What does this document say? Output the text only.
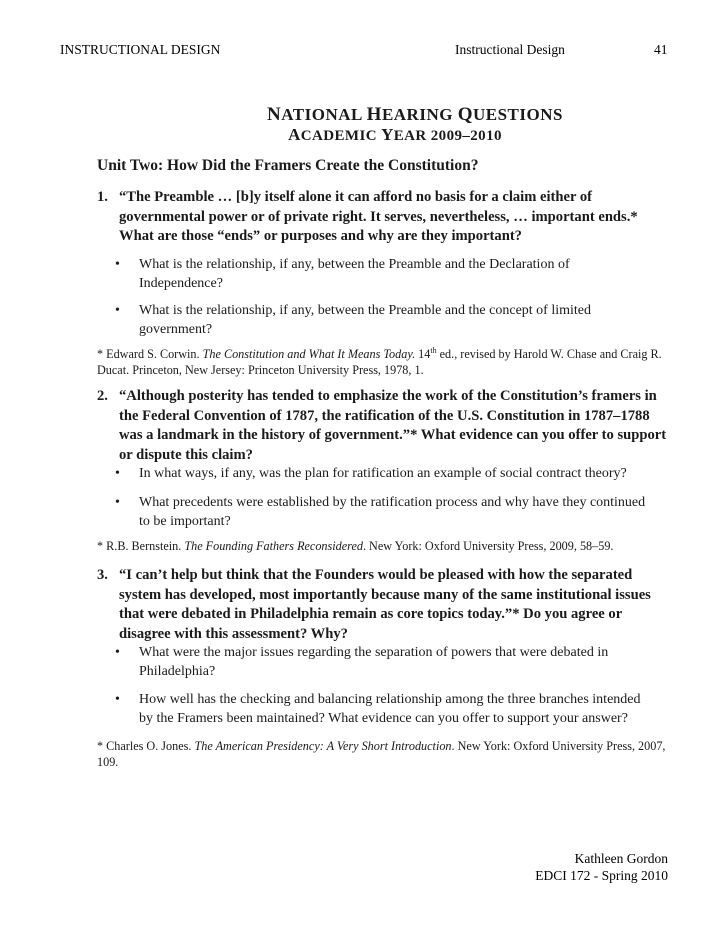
INSTRUCTIONAL DESIGN	Instructional Design	41
NATIONAL HEARING QUESTIONS
ACADEMIC YEAR 2009–2010
Unit Two: How Did the Framers Create the Constitution?
1. “The Preamble … [b]y itself alone it can afford no basis for a claim either of
governmental power or of private right. It serves, nevertheless, … important ends.*
What are those “ends” or purposes and why are they important?
• What is the relationship, if any, between the Preamble and the Declaration of
Independence?
• What is the relationship, if any, between the Preamble and the concept of limited
government?
* Edward S. Corwin. The Constitution and What It Means Today. 14th ed., revised by Harold W. Chase and Craig R.
Ducat. Princeton, New Jersey: Princeton University Press, 1978, 1.
2. “Although posterity has tended to emphasize the work of the Constitution’s framers in
the Federal Convention of 1787, the ratification of the U.S. Constitution in 1787–1788
was a landmark in the history of government.”* What evidence can you offer to support
or dispute this claim?
• In what ways, if any, was the plan for ratification an example of social contract theory?
• What precedents were established by the ratification process and why have they continued
to be important?
* R.B. Bernstein. The Founding Fathers Reconsidered. New York: Oxford University Press, 2009, 58–59.
3. “I can’t help but think that the Founders would be pleased with how the separated
system has developed, most importantly because many of the same institutional issues
that were debated in Philadelphia remain as core topics today.”* Do you agree or
disagree with this assessment? Why?
• What were the major issues regarding the separation of powers that were debated in
Philadelphia?
• How well has the checking and balancing relationship among the three branches intended
by the Framers been maintained? What evidence can you offer to support your answer?
* Charles O. Jones. The American Presidency: A Very Short Introduction. New York: Oxford University Press, 2007, 109.
Kathleen Gordon
EDCI 172 - Spring 2010
